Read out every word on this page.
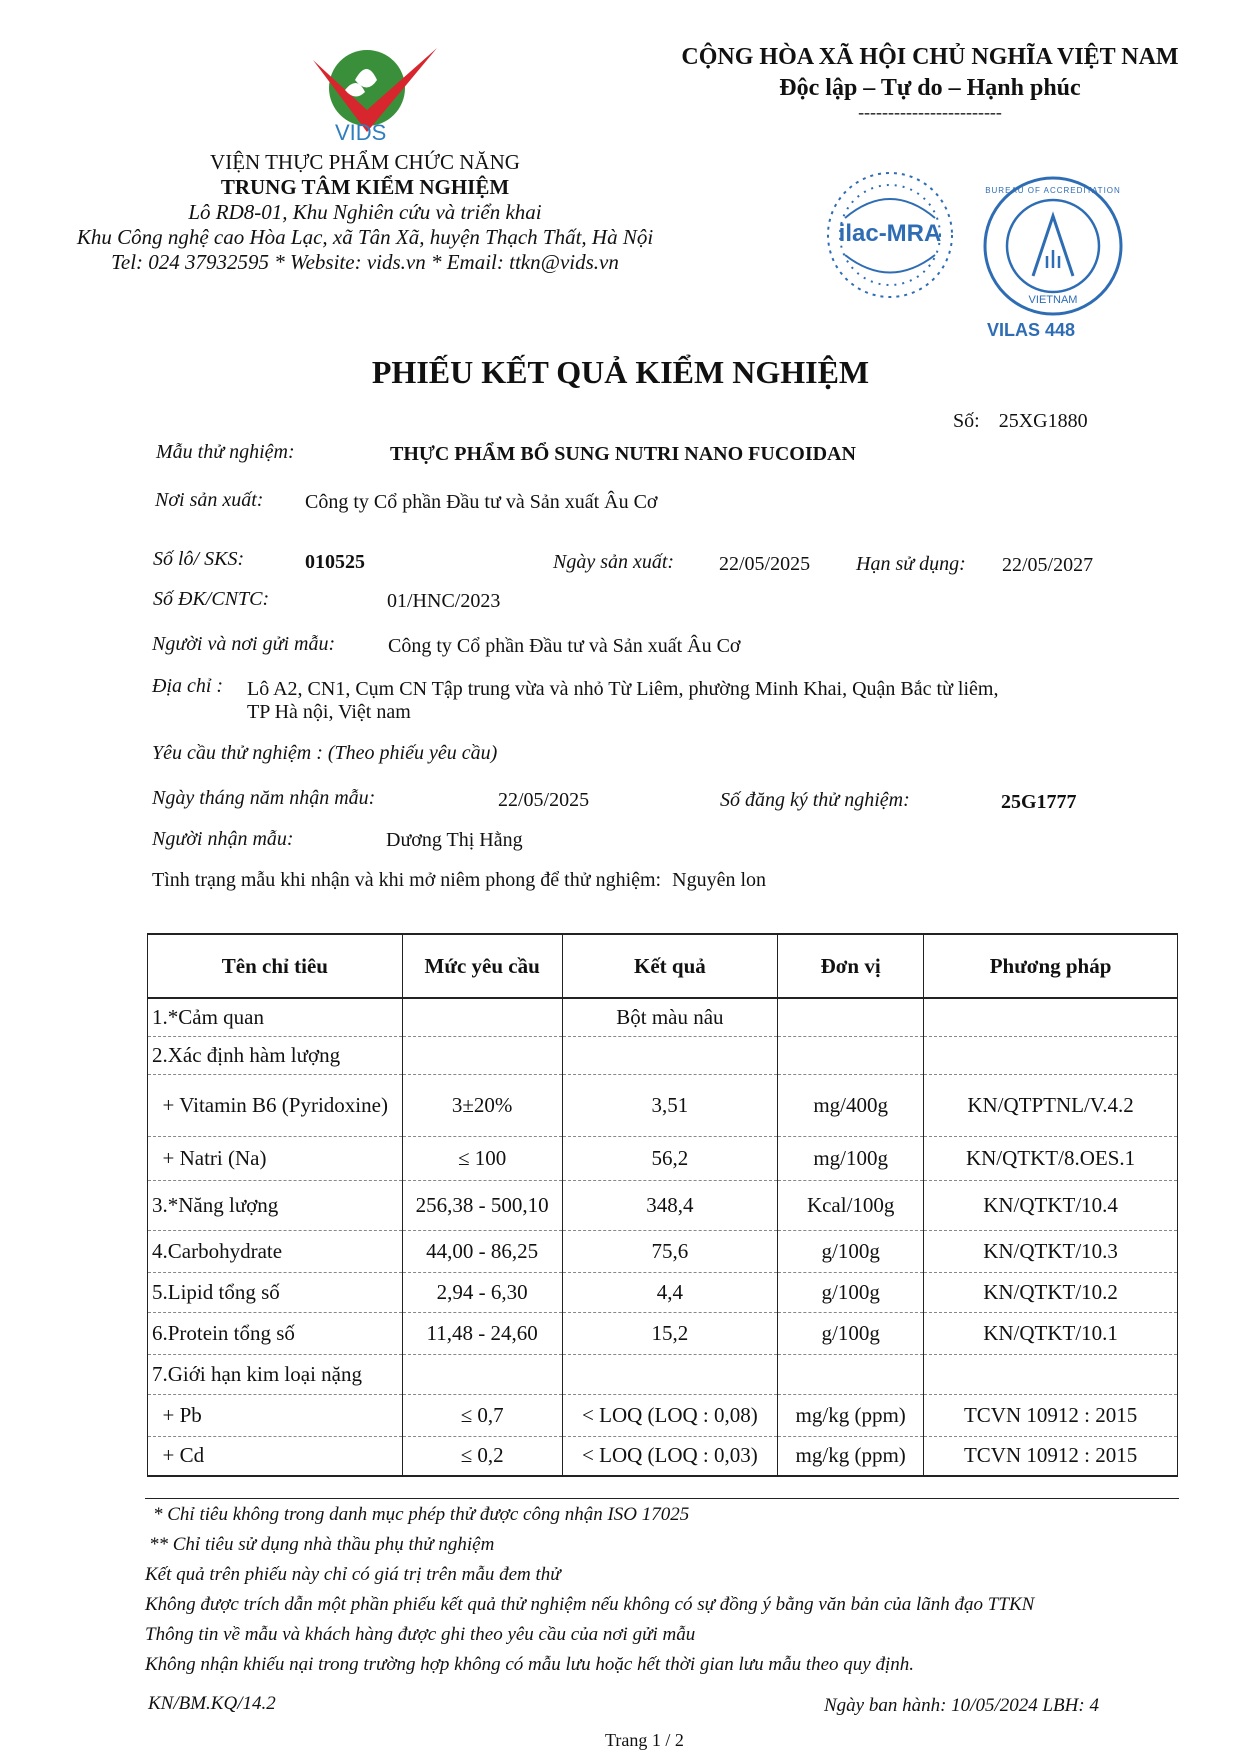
VIDS
VIỆN THỰC PHẨM CHỨC NĂNG
TRUNG TÂM KIỂM NGHIỆM
Lô RD8-01, Khu Nghiên cứu và triển khai
Khu Công nghệ cao Hòa Lạc, xã Tân Xã, huyện Thạch Thất, Hà Nội
Tel: 024 37932595 * Website: vids.vn * Email: ttkn@vids.vn
CỘNG HÒA XÃ HỘI CHỦ NGHĨA VIỆT NAM
Độc lập – Tự do – Hạnh phúc
------------------------
ilac-MRA
BUREAU OF ACCREDITATION
VIETNAM
VILAS 448
PHIẾU KẾT QUẢ KIỂM NGHIỆM
Số: 25XG1880
Mẫu thử nghiệm:	THỰC PHẨM BỔ SUNG NUTRI NANO FUCOIDAN
Nơi sản xuất: Công ty Cổ phần Đầu tư và Sản xuất Âu Cơ
Số lô/ SKS:	010525	Ngày sản xuất: 22/05/2025 Hạn sử dụng: 22/05/2027
Số ĐK/CNTC:	01/HNC/2023
Người và nơi gửi mẫu:	Công ty Cổ phần Đầu tư và Sản xuất Âu Cơ
Địa chỉ : Lô A2, CN1, Cụm CN Tập trung vừa và nhỏ Từ Liêm, phường Minh Khai, Quận Bắc từ liêm,
TP Hà nội, Việt nam
Yêu cầu thử nghiệm : (Theo phiếu yêu cầu)
Ngày tháng năm nhận mẫu:	22/05/2025	Số đăng ký thử nghiệm:	25G1777
Người nhận mẫu:	Dương Thị Hằng
Tình trạng mẫu khi nhận và khi mở niêm phong để thử nghiệm: Nguyên lon
Tên chỉ tiêu	Mức yêu cầu	Kết quả	Đơn vị	Phương pháp
1.*Cảm quan		Bột màu nâu		
2.Xác định hàm lượng				
+ Vitamin B6 (Pyridoxine)	3±20%	3,51	mg/400g	KN/QTPTNL/V.4.2
+ Natri (Na)	≤ 100	56,2	mg/100g	KN/QTKT/8.OES.1
3.*Năng lượng	256,38 - 500,10	348,4	Kcal/100g	KN/QTKT/10.4
4.Carbohydrate	44,00 - 86,25	75,6	g/100g	KN/QTKT/10.3
5.Lipid tổng số	2,94 - 6,30	4,4	g/100g	KN/QTKT/10.2
6.Protein tổng số	11,48 - 24,60	15,2	g/100g	KN/QTKT/10.1
7.Giới hạn kim loại nặng				
+ Pb	≤ 0,7	< LOQ (LOQ : 0,08)	mg/kg (ppm)	TCVN 10912 : 2015
+ Cd	≤ 0,2	< LOQ (LOQ : 0,03)	mg/kg (ppm)	TCVN 10912 : 2015
* Chỉ tiêu không trong danh mục phép thử được công nhận ISO 17025
** Chỉ tiêu sử dụng nhà thầu phụ thử nghiệm
Kết quả trên phiếu này chỉ có giá trị trên mẫu đem thử
Không được trích dẫn một phần phiếu kết quả thử nghiệm nếu không có sự đồng ý bằng văn bản của lãnh đạo TTKN
Thông tin về mẫu và khách hàng được ghi theo yêu cầu của nơi gửi mẫu
Không nhận khiếu nại trong trường hợp không có mẫu lưu hoặc hết thời gian lưu mẫu theo quy định.
KN/BM.KQ/14.2	Ngày ban hành: 10/05/2024 LBH: 4
Trang 1 / 2
